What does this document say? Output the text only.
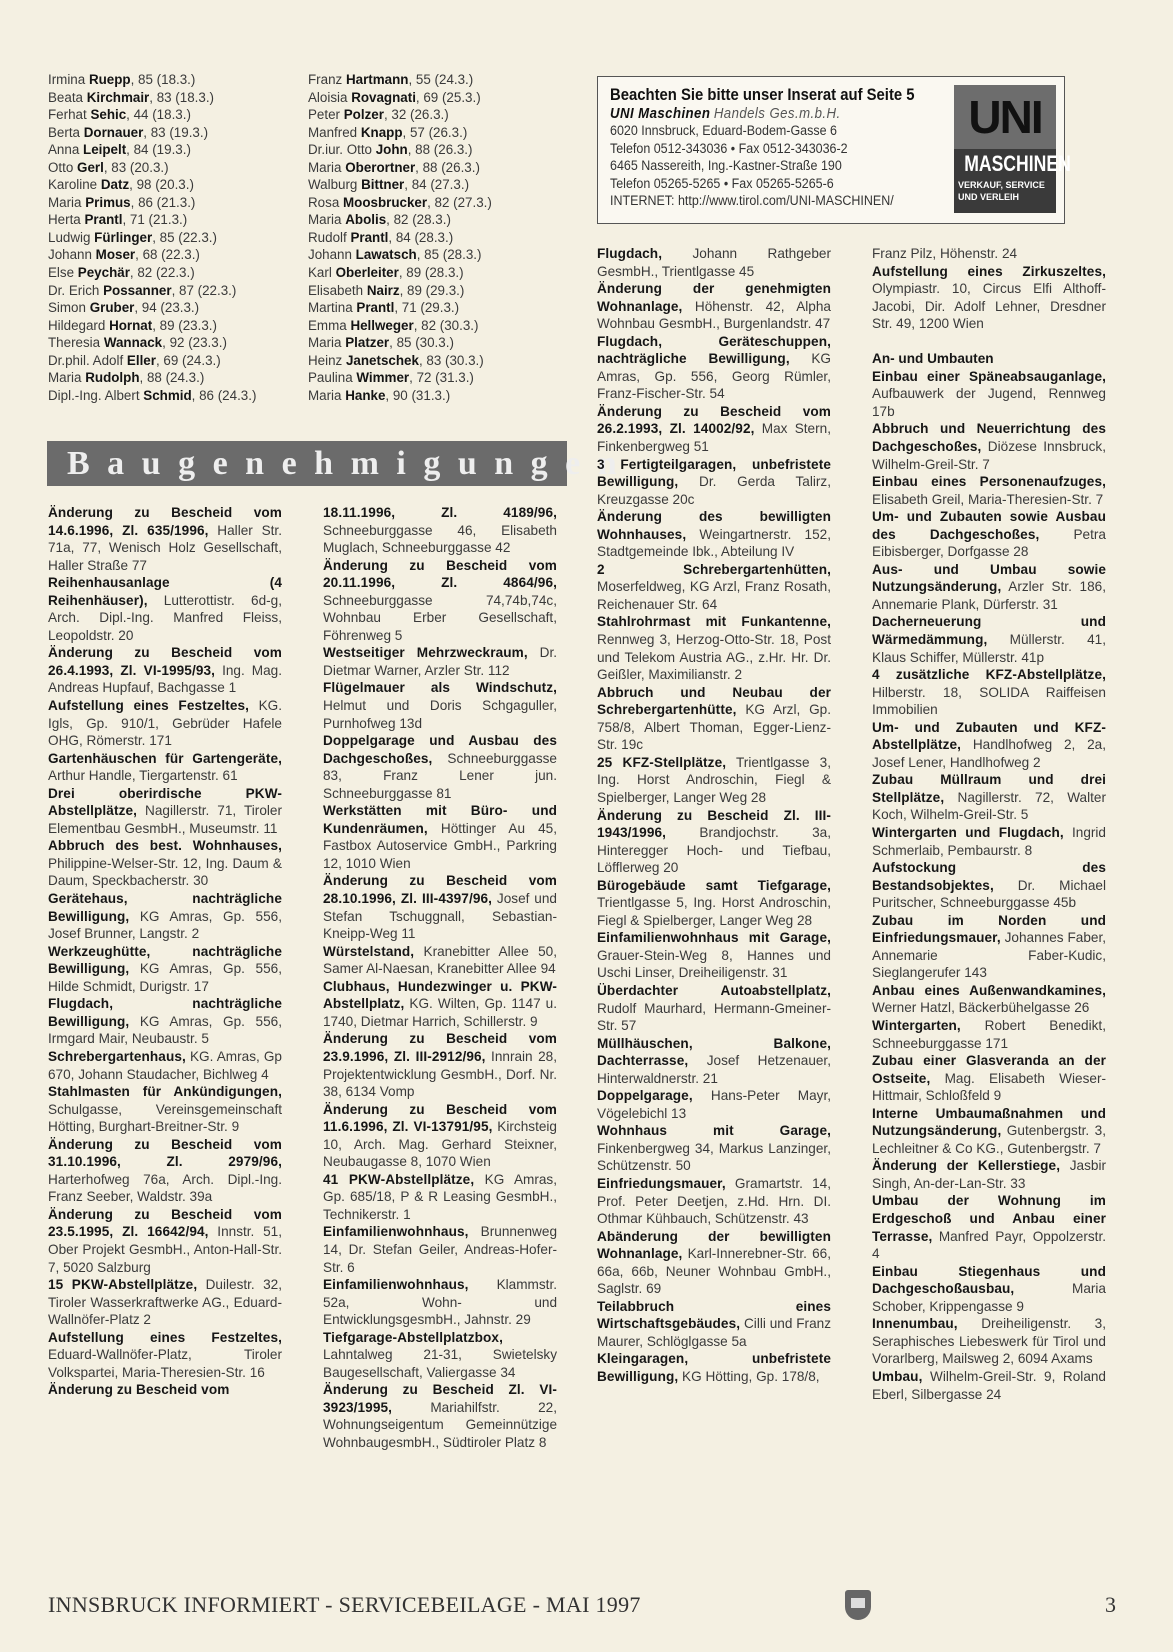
Irmina Ruepp, 85 (18.3.)
Beata Kirchmair, 83 (18.3.)
Ferhat Sehic, 44 (18.3.)
Berta Dornauer, 83 (19.3.)
Anna Leipelt, 84 (19.3.)
Otto Gerl, 83 (20.3.)
Karoline Datz, 98 (20.3.)
Maria Primus, 86 (21.3.)
Herta Prantl, 71 (21.3.)
Ludwig Fürlinger, 85 (22.3.)
Johann Moser, 68 (22.3.)
Else Peychär, 82 (22.3.)
Dr. Erich Possanner, 87 (22.3.)
Simon Gruber, 94 (23.3.)
Hildegard Hornat, 89 (23.3.)
Theresia Wannack, 92 (23.3.)
Dr.phil. Adolf Eller, 69 (24.3.)
Maria Rudolph, 88 (24.3.)
Dipl.-Ing. Albert Schmid, 86 (24.3.)
Franz Hartmann, 55 (24.3.)
Aloisia Rovagnati, 69 (25.3.)
Peter Polzer, 32 (26.3.)
Manfred Knapp, 57 (26.3.)
Dr.iur. Otto John, 88 (26.3.)
Maria Oberortner, 88 (26.3.)
Walburg Bittner, 84 (27.3.)
Rosa Moosbrucker, 82 (27.3.)
Maria Abolis, 82 (28.3.)
Rudolf Prantl, 84 (28.3.)
Johann Lawatsch, 85 (28.3.)
Karl Oberleiter, 89 (28.3.)
Elisabeth Nairz, 89 (29.3.)
Martina Prantl, 71 (29.3.)
Emma Hellweger, 82 (30.3.)
Maria Platzer, 85 (30.3.)
Heinz Janetschek, 83 (30.3.)
Paulina Wimmer, 72 (31.3.)
Maria Hanke, 90 (31.3.)
Beachten Sie bitte unser Inserat auf Seite 5
UNI Maschinen Handels Ges.m.b.H.
6020 Innsbruck, Eduard-Bodem-Gasse 6
Telefon 0512-343036 • Fax 0512-343036-2
6465 Nassereith, Ing.-Kastner-Straße 190
Telefon 05265-5265 • Fax 05265-5265-6
INTERNET: http://www.tirol.com/UNI-MASCHINEN/
UNI
MASCHINEN
VERKAUF, SERVICE
UND VERLEIH
Baugenehmigungen

Änderung zu Bescheid vom 14.6.1996, Zl. 635/1996, Haller Str. 71a, 77, Wenisch Holz Gesellschaft, Haller Straße 77

Reihenhausanlage (4 Reihenhäuser), Lutterottistr. 6d-g, Arch. Dipl.-Ing. Manfred Fleiss, Leopoldstr. 20

Änderung zu Bescheid vom 26.4.1993, Zl. VI-1995/93, Ing. Mag. Andreas Hupfauf, Bachgasse 1

Aufstellung eines Festzeltes, KG. Igls, Gp. 910/1, Gebrüder Hafele OHG, Römerstr. 171

Gartenhäuschen für Gartengeräte, Arthur Handle, Tiergartenstr. 61

Drei oberirdische PKW-Abstellplätze, Nagillerstr. 71, Tiroler Elementbau GesmbH., Museumstr. 11

Abbruch des best. Wohnhauses, Philippine-Welser-Str. 12, Ing. Daum & Daum, Speckbacherstr. 30

Gerätehaus, nachträgliche Bewilligung, KG Amras, Gp. 556, Josef Brunner, Langstr. 2

Werkzeughütte, nachträgliche Bewilligung, KG Amras, Gp. 556, Hilde Schmidt, Durigstr. 17

Flugdach, nachträgliche Bewilligung, KG Amras, Gp. 556, Irmgard Mair, Neubaustr. 5

Schrebergartenhaus, KG. Amras, Gp 670, Johann Staudacher, Bichlweg 4

Stahlmasten für Ankündigungen, Schulgasse, Vereinsgemeinschaft Hötting, Burghart-Breitner-Str. 9

Änderung zu Bescheid vom 31.10.1996, Zl. 2979/96, Harterhofweg 76a, Arch. Dipl.-Ing. Franz Seeber, Waldstr. 39a

Änderung zu Bescheid vom 23.5.1995, Zl. 16642/94, Innstr. 51, Ober Projekt GesmbH., Anton-Hall-Str. 7, 5020 Salzburg

15 PKW-Abstellplätze, Duilestr. 32, Tiroler Wasserkraftwerke AG., Eduard-Wallnöfer-Platz 2

Aufstellung eines Festzeltes, Eduard-Wallnöfer-Platz, Tiroler Volkspartei, Maria-Theresien-Str. 16

Änderung zu Bescheid vom

18.11.1996, Zl. 4189/96, Schneeburggasse 46, Elisabeth Muglach, Schneeburggasse 42

Änderung zu Bescheid vom 20.11.1996, Zl. 4864/96, Schneeburggasse 74,74b,74c, Wohnbau Erber Gesellschaft, Föhrenweg 5

Westseitiger Mehrzweckraum, Dr. Dietmar Warner, Arzler Str. 112

Flügelmauer als Windschutz, Helmut und Doris Schgaguller, Purnhofweg 13d

Doppelgarage und Ausbau des Dachgeschoßes, Schneeburggasse 83, Franz Lener jun. Schneeburggasse 81

Werkstätten mit Büro- und Kundenräumen, Höttinger Au 45, Fastbox Autoservice GmbH., Parkring 12, 1010 Wien

Änderung zu Bescheid vom 28.10.1996, Zl. III-4397/96, Josef und Stefan Tschuggnall, Sebastian-Kneipp-Weg 11

Würstelstand, Kranebitter Allee 50, Samer Al-Naesan, Kranebitter Allee 94

Clubhaus, Hundezwinger u. PKW-Abstellplatz, KG. Wilten, Gp. 1147 u. 1740, Dietmar Harrich, Schillerstr. 9

Änderung zu Bescheid vom 23.9.1996, Zl. III-2912/96, Innrain 28, Projektentwicklung GesmbH., Dorf. Nr. 38, 6134 Vomp

Änderung zu Bescheid vom 11.6.1996, Zl. VI-13791/95, Kirchsteig 10, Arch. Mag. Gerhard Steixner, Neubaugasse 8, 1070 Wien

41 PKW-Abstellplätze, KG Amras, Gp. 685/18, P & R Leasing GesmbH., Technikerstr. 1

Einfamilienwohnhaus, Brunnenweg 14, Dr. Stefan Geiler, Andreas-Hofer-Str. 6

Einfamilienwohnhaus, Klammstr. 52a, Wohn- und EntwicklungsgesmbH., Jahnstr. 29

Tiefgarage-Abstellplatzbox, Lahntalweg 21-31, Swietelsky Baugesellschaft, Valiergasse 34

Änderung zu Bescheid Zl. VI-3923/1995, Mariahilfstr. 22, Wohnungseigentum Gemeinnützige WohnbaugesmbH., Südtiroler Platz 8

Flugdach, Johann Rathgeber GesmbH., Trientlgasse 45

Änderung der genehmigten Wohnanlage, Höhenstr. 42, Alpha Wohnbau GesmbH., Burgenlandstr. 47

Flugdach, Geräteschuppen, nachträgliche Bewilligung, KG Amras, Gp. 556, Georg Rümler, Franz-Fischer-Str. 54

Änderung zu Bescheid vom 26.2.1993, Zl. 14002/92, Max Stern, Finkenbergweg 51

3 Fertigteilgaragen, unbefristete Bewilligung, Dr. Gerda Talirz, Kreuzgasse 20c

Änderung des bewilligten Wohnhauses, Weingartnerstr. 152, Stadtgemeinde Ibk., Abteilung IV

2 Schrebergartenhütten, Moserfeldweg, KG Arzl, Franz Rosath, Reichenauer Str. 64

Stahlrohrmast mit Funkantenne, Rennweg 3, Herzog-Otto-Str. 18, Post und Telekom Austria AG., z.Hr. Hr. Dr. Geißler, Maximilianstr. 2

Abbruch und Neubau der Schrebergartenhütte, KG Arzl, Gp. 758/8, Albert Thoman, Egger-Lienz-Str. 19c

25 KFZ-Stellplätze, Trientlgasse 3, Ing. Horst Androschin, Fiegl & Spielberger, Langer Weg 28

Änderung zu Bescheid Zl. III-1943/1996, Brandjochstr. 3a, Hinteregger Hoch- und Tiefbau, Löfflerweg 20

Bürogebäude samt Tiefgarage, Trientlgasse 5, Ing. Horst Androschin, Fiegl & Spielberger, Langer Weg 28

Einfamilienwohnhaus mit Garage, Grauer-Stein-Weg 8, Hannes und Uschi Linser, Dreiheiligenstr. 31

Überdachter Autoabstellplatz, Rudolf Maurhard, Hermann-Gmeiner-Str. 57

Müllhäuschen, Balkone, Dachterrasse, Josef Hetzenauer, Hinterwaldnerstr. 21

Doppelgarage, Hans-Peter Mayr, Vögelebichl 13

Wohnhaus mit Garage, Finkenbergweg 34, Markus Lanzinger, Schützenstr. 50

Einfriedungsmauer, Gramartstr. 14, Prof. Peter Deetjen, z.Hd. Hrn. DI. Othmar Kühbauch, Schützenstr. 43

Abänderung der bewilligten Wohnanlage, Karl-Innerebner-Str. 66, 66a, 66b, Neuner Wohnbau GmbH., Saglstr. 69

Teilabbruch eines Wirtschaftsgebäudes, Cilli und Franz Maurer, Schlöglgasse 5a

Kleingaragen, unbefristete Bewilligung, KG Hötting, Gp. 178/8,

Franz Pilz, Höhenstr. 24

Aufstellung eines Zirkuszeltes, Olympiastr. 10, Circus Elfi Althoff-Jacobi, Dir. Adolf Lehner, Dresdner Str. 49, 1200 Wien

An- und Umbauten

Einbau einer Späneabsauganlage, Aufbauwerk der Jugend, Rennweg 17b

Abbruch und Neuerrichtung des Dachgeschoßes, Diözese Innsbruck, Wilhelm-Greil-Str. 7

Einbau eines Personenaufzuges, Elisabeth Greil, Maria-Theresien-Str. 7

Um- und Zubauten sowie Ausbau des Dachgeschoßes, Petra Eibisberger, Dorfgasse 28

Aus- und Umbau sowie Nutzungsänderung, Arzler Str. 186, Annemarie Plank, Dürferstr. 31

Dacherneuerung und Wärmedämmung, Müllerstr. 41, Klaus Schiffer, Müllerstr. 41p

4 zusätzliche KFZ-Abstellplätze, Hilberstr. 18, SOLIDA Raiffeisen Immobilien

Um- und Zubauten und KFZ-Abstellplätze, Handlhofweg 2, 2a, Josef Lener, Handlhofweg 2

Zubau Müllraum und drei Stellplätze, Nagillerstr. 72, Walter Koch, Wilhelm-Greil-Str. 5

Wintergarten und Flugdach, Ingrid Schmerlaib, Pembaurstr. 8

Aufstockung des Bestandsobjektes, Dr. Michael Puritscher, Schneeburggasse 45b

Zubau im Norden und Einfriedungsmauer, Johannes Faber, Annemarie Faber-Kudic, Sieglangerufer 143

Anbau eines Außenwandkamines, Werner Hatzl, Bäckerbühelgasse 26

Wintergarten, Robert Benedikt, Schneeburggasse 171

Zubau einer Glasveranda an der Ostseite, Mag. Elisabeth Wieser-Hittmair, Schloßfeld 9

Interne Umbaumaßnahmen und Nutzungsänderung, Gutenbergstr. 3, Lechleitner & Co KG., Gutenbergstr. 7

Änderung der Kellerstiege, Jasbir Singh, An-der-Lan-Str. 33

Umbau der Wohnung im Erdgeschoß und Anbau einer Terrasse, Manfred Payr, Oppolzerstr. 4

Einbau Stiegenhaus und Dachgeschoßausbau, Maria Schober, Krippengasse 9

Innenumbau, Dreiheiligenstr. 3, Seraphisches Liebeswerk für Tirol und Vorarlberg, Mailsweg 2, 6094 Axams

Umbau, Wilhelm-Greil-Str. 9, Roland Eberl, Silbergasse 24

INNSBRUCK INFORMIERT - SERVICEBEILAGE - MAI 1997	3
